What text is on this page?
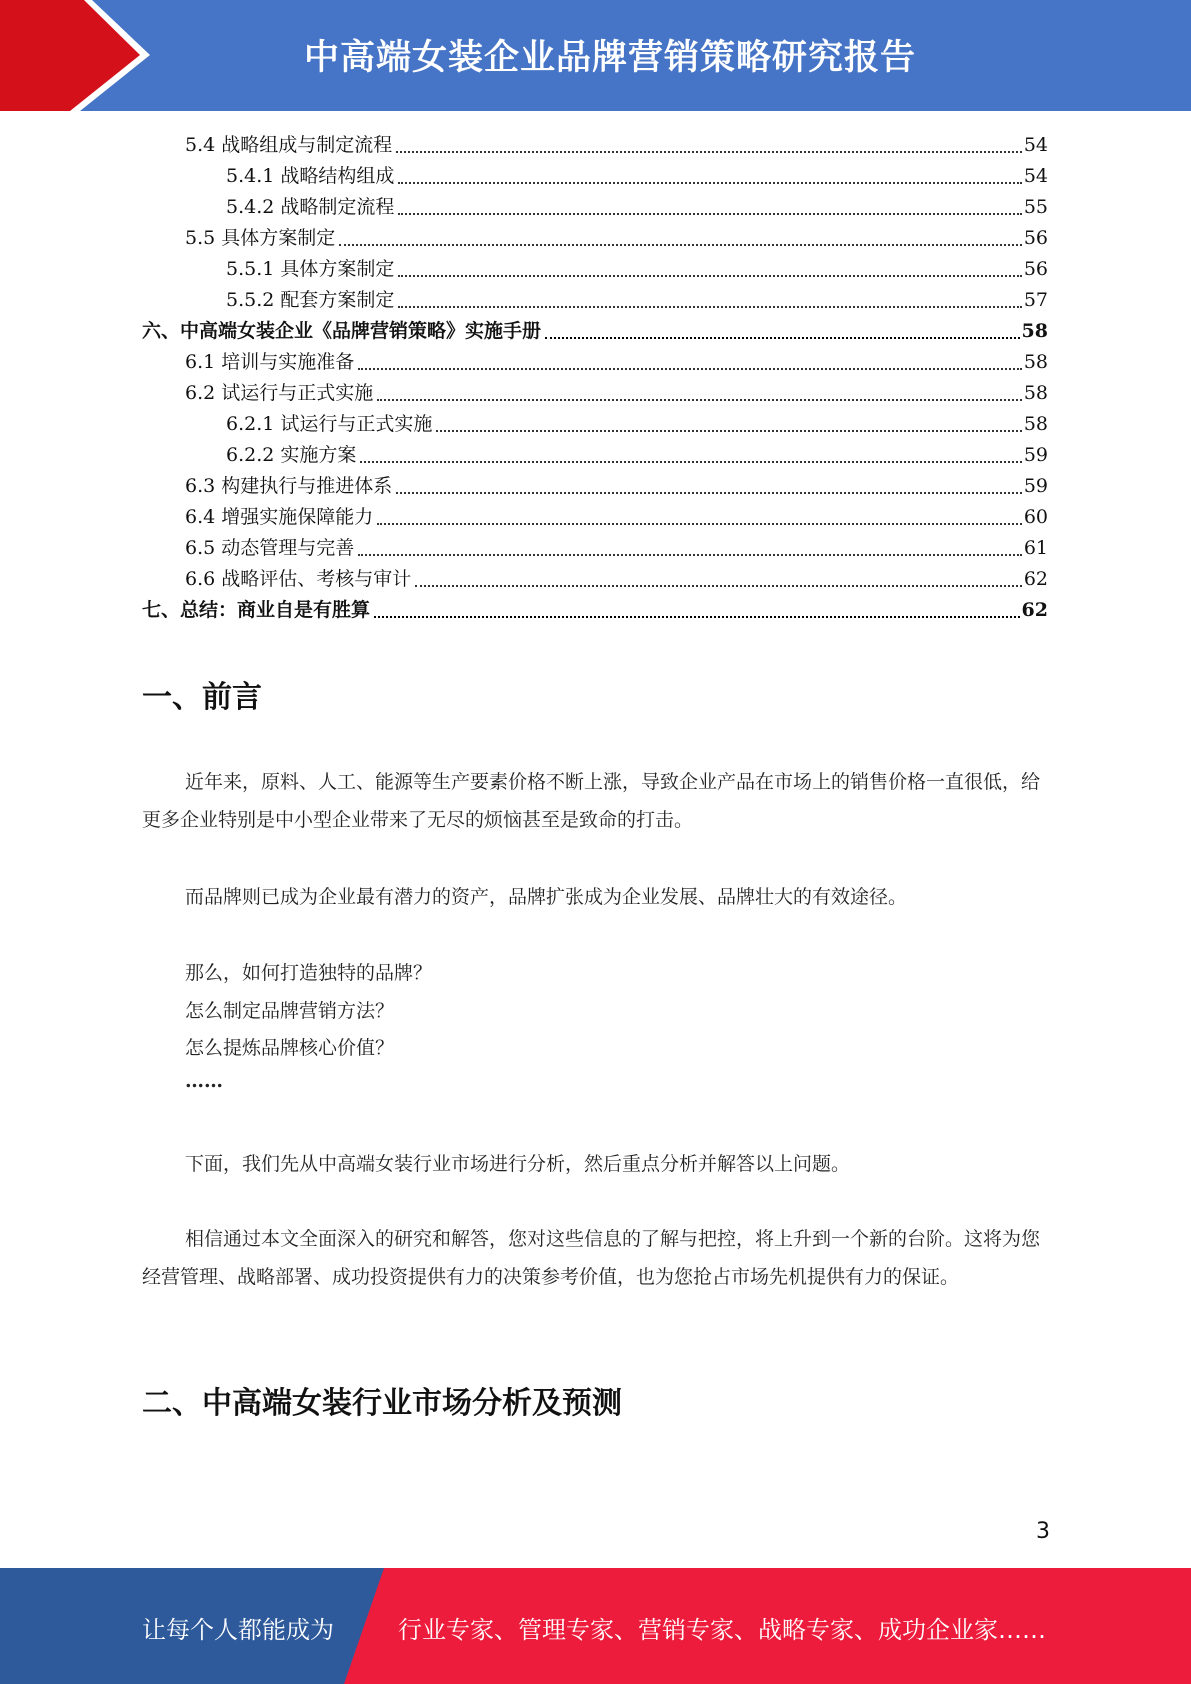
中高端女装企业品牌营销策略研究报告
5.4 战略组成与制定流程	54
5.4.1 战略结构组成	54
5.4.2 战略制定流程	55
5.5 具体方案制定	56
5.5.1 具体方案制定	56
5.5.2 配套方案制定	57
六、中高端女装企业《品牌营销策略》实施手册	58
6.1 培训与实施准备	58
6.2 试运行与正式实施	58
6.2.1 试运行与正式实施	58
6.2.2 实施方案	59
6.3 构建执行与推进体系	59
6.4 增强实施保障能力	60
6.5 动态管理与完善	61
6.6 战略评估、考核与审计	62
七、总结：商业自是有胜算	62
一、前言

近年来，原料、人工、能源等生产要素价格不断上涨，导致企业产品在市场上的销售价格一直很低，给更多企业特别是中小型企业带来了无尽的烦恼甚至是致命的打击。

而品牌则已成为企业最有潜力的资产，品牌扩张成为企业发展、品牌壮大的有效途径。

那么，如何打造独特的品牌？
怎么制定品牌营销方法？
怎么提炼品牌核心价值？
……

下面，我们先从中高端女装行业市场进行分析，然后重点分析并解答以上问题。

相信通过本文全面深入的研究和解答，您对这些信息的了解与把控，将上升到一个新的台阶。这将为您经营管理、战略部署、成功投资提供有力的决策参考价值，也为您抢占市场先机提供有力的保证。

二、中高端女装行业市场分析及预测
3
让每个人都能成为	行业专家、管理专家、营销专家、战略专家、成功企业家……
